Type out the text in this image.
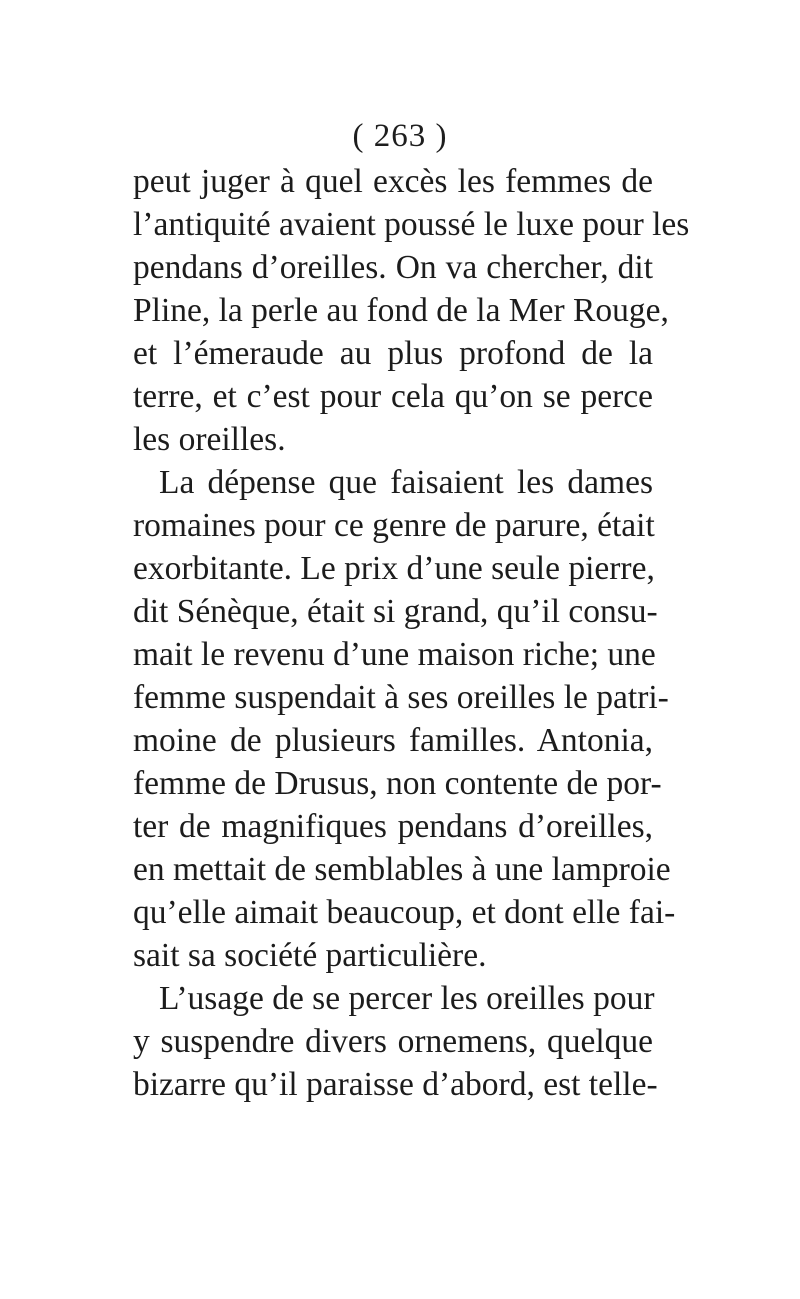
( 263 )
peut juger à quel excès les femmes de
l’antiquité avaient poussé le luxe pour les
pendans d’oreilles. On va chercher, dit
Pline, la perle au fond de la Mer Rouge,
et l’émeraude au plus profond de la
terre, et c’est pour cela qu’on se perce
les oreilles.
La dépense que faisaient les dames
romaines pour ce genre de parure, était
exorbitante. Le prix d’une seule pierre,
dit Sénèque, était si grand, qu’il consu-
mait le revenu d’une maison riche; une
femme suspendait à ses oreilles le patri-
moine de plusieurs familles. Antonia,
femme de Drusus, non contente de por-
ter de magnifiques pendans d’oreilles,
en mettait de semblables à une lamproie
qu’elle aimait beaucoup, et dont elle fai-
sait sa société particulière.
L’usage de se percer les oreilles pour
y suspendre divers ornemens, quelque
bizarre qu’il paraisse d’abord, est telle-
